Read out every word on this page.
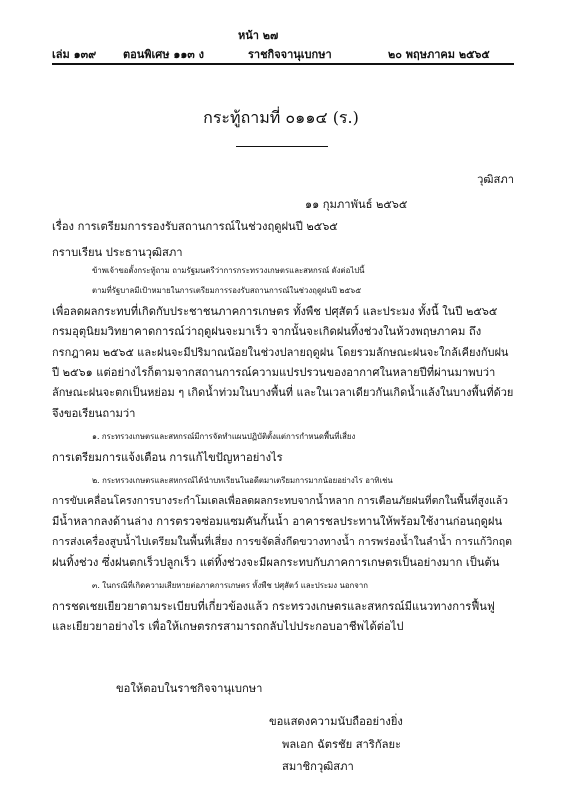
หน้า ๒๗
เล่ม ๑๓๙ ตอนพิเศษ ๑๑๓ ง	ราชกิจจานุเบกษา	๒๐ พฤษภาคม ๒๕๖๕
กระทู้ถามที่ ๐๑๑๔ (ร.)
วุฒิสภา
๑๑ กุมภาพันธ์ ๒๕๖๕
เรื่อง การเตรียมการรองรับสถานการณ์ในช่วงฤดูฝนปี ๒๕๖๕
กราบเรียน ประธานวุฒิสภา

ข้าพเจ้าขอตั้งกระทู้ถาม ถามรัฐมนตรีว่าการกระทรวงเกษตรและสหกรณ์ ดังต่อไปนี้

ตามที่รัฐบาลมีเป้าหมายในการเตรียมการรองรับสถานการณ์ในช่วงฤดูฝนปี ๒๕๖๕
เพื่อลดผลกระทบที่เกิดกับประชาชนภาคการเกษตร ทั้งพืช ปศุสัตว์ และประมง ทั้งนี้ ในปี ๒๕๖๕
กรมอุตุนิยมวิทยาคาดการณ์ว่าฤดูฝนจะมาเร็ว จากนั้นจะเกิดฝนทิ้งช่วงในห้วงพฤษภาคม ถึง
กรกฎาคม ๒๕๖๕ และฝนจะมีปริมาณน้อยในช่วงปลายฤดูฝน โดยรวมลักษณะฝนจะใกล้เคียงกับฝน
ปี ๒๕๖๑ แต่อย่างไรก็ตามจากสถานการณ์ความแปรปรวนของอากาศในหลายปีที่ผ่านมาพบว่า
ลักษณะฝนจะตกเป็นหย่อม ๆ เกิดน้ำท่วมในบางพื้นที่ และในเวลาเดียวกันเกิดน้ำแล้งในบางพื้นที่ด้วย
จึงขอเรียนถามว่า

๑. กระทรวงเกษตรและสหกรณ์มีการจัดทำแผนปฏิบัติตั้งแต่การกำหนดพื้นที่เสี่ยง
การเตรียมการแจ้งเตือน การแก้ไขปัญหาอย่างไร

๒. กระทรวงเกษตรและสหกรณ์ได้นำบทเรียนในอดีตมาเตรียมการมากน้อยอย่างไร อาทิเช่น
การขับเคลื่อนโครงการบางระกำโมเดลเพื่อลดผลกระทบจากน้ำหลาก การเตือนภัยฝนที่ตกในพื้นที่สูงแล้ว
มีน้ำหลากลงด้านล่าง การตรวจซ่อมแซมคันกั้นน้ำ อาคารชลประทานให้พร้อมใช้งานก่อนฤดูฝน
การส่งเครื่องสูบน้ำไปเตรียมในพื้นที่เสี่ยง การขจัดสิ่งกีดขวางทางน้ำ การพร่องน้ำในลำน้ำ การแก้วิกฤต
ฝนทิ้งช่วง ซึ่งฝนตกเร็วปลูกเร็ว แต่ทิ้งช่วงจะมีผลกระทบกับภาคการเกษตรเป็นอย่างมาก เป็นต้น

๓. ในกรณีที่เกิดความเสียหายต่อภาคการเกษตร ทั้งพืช ปศุสัตว์ และประมง นอกจาก
การชดเชยเยียวยาตามระเบียบที่เกี่ยวข้องแล้ว กระทรวงเกษตรและสหกรณ์มีแนวทางการฟื้นฟู
และเยียวยาอย่างไร เพื่อให้เกษตรกรสามารถกลับไปประกอบอาชีพได้ต่อไป

ขอให้ตอบในราชกิจจานุเบกษา
ขอแสดงความนับถืออย่างยิ่ง
พลเอก ฉัตรชัย สาริกัลยะ
สมาชิกวุฒิสภา
